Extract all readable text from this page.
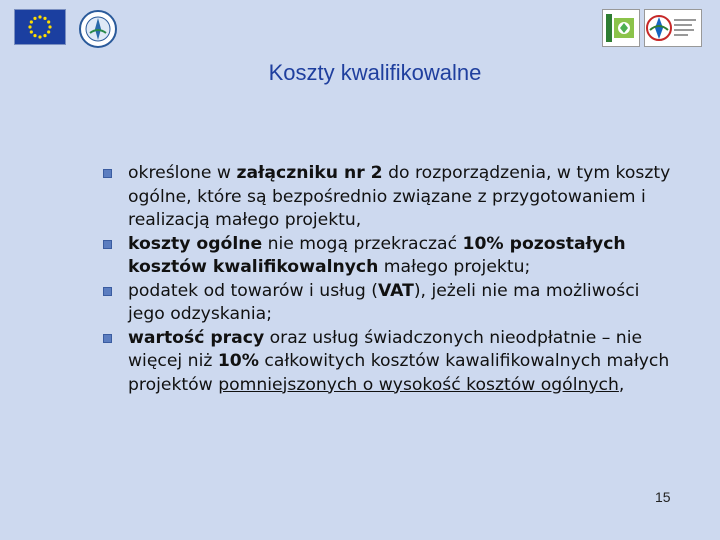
Koszty kwalifikowalne
określone w załączniku nr 2 do rozporządzenia, w tym koszty ogólne, które są bezpośrednio związane z przygotowaniem i realizacją małego projektu,
koszty ogólne nie mogą przekraczać 10% pozostałych kosztów kwalifikowalnych małego projektu;
podatek od towarów i usług (VAT), jeżeli nie ma możliwości jego odzyskania;
wartość pracy oraz usług świadczonych nieodpłatnie – nie więcej niż 10% całkowitych kosztów kawalifikowalnych małych projektów pomniejszonych o wysokość kosztów ogólnych,
15
